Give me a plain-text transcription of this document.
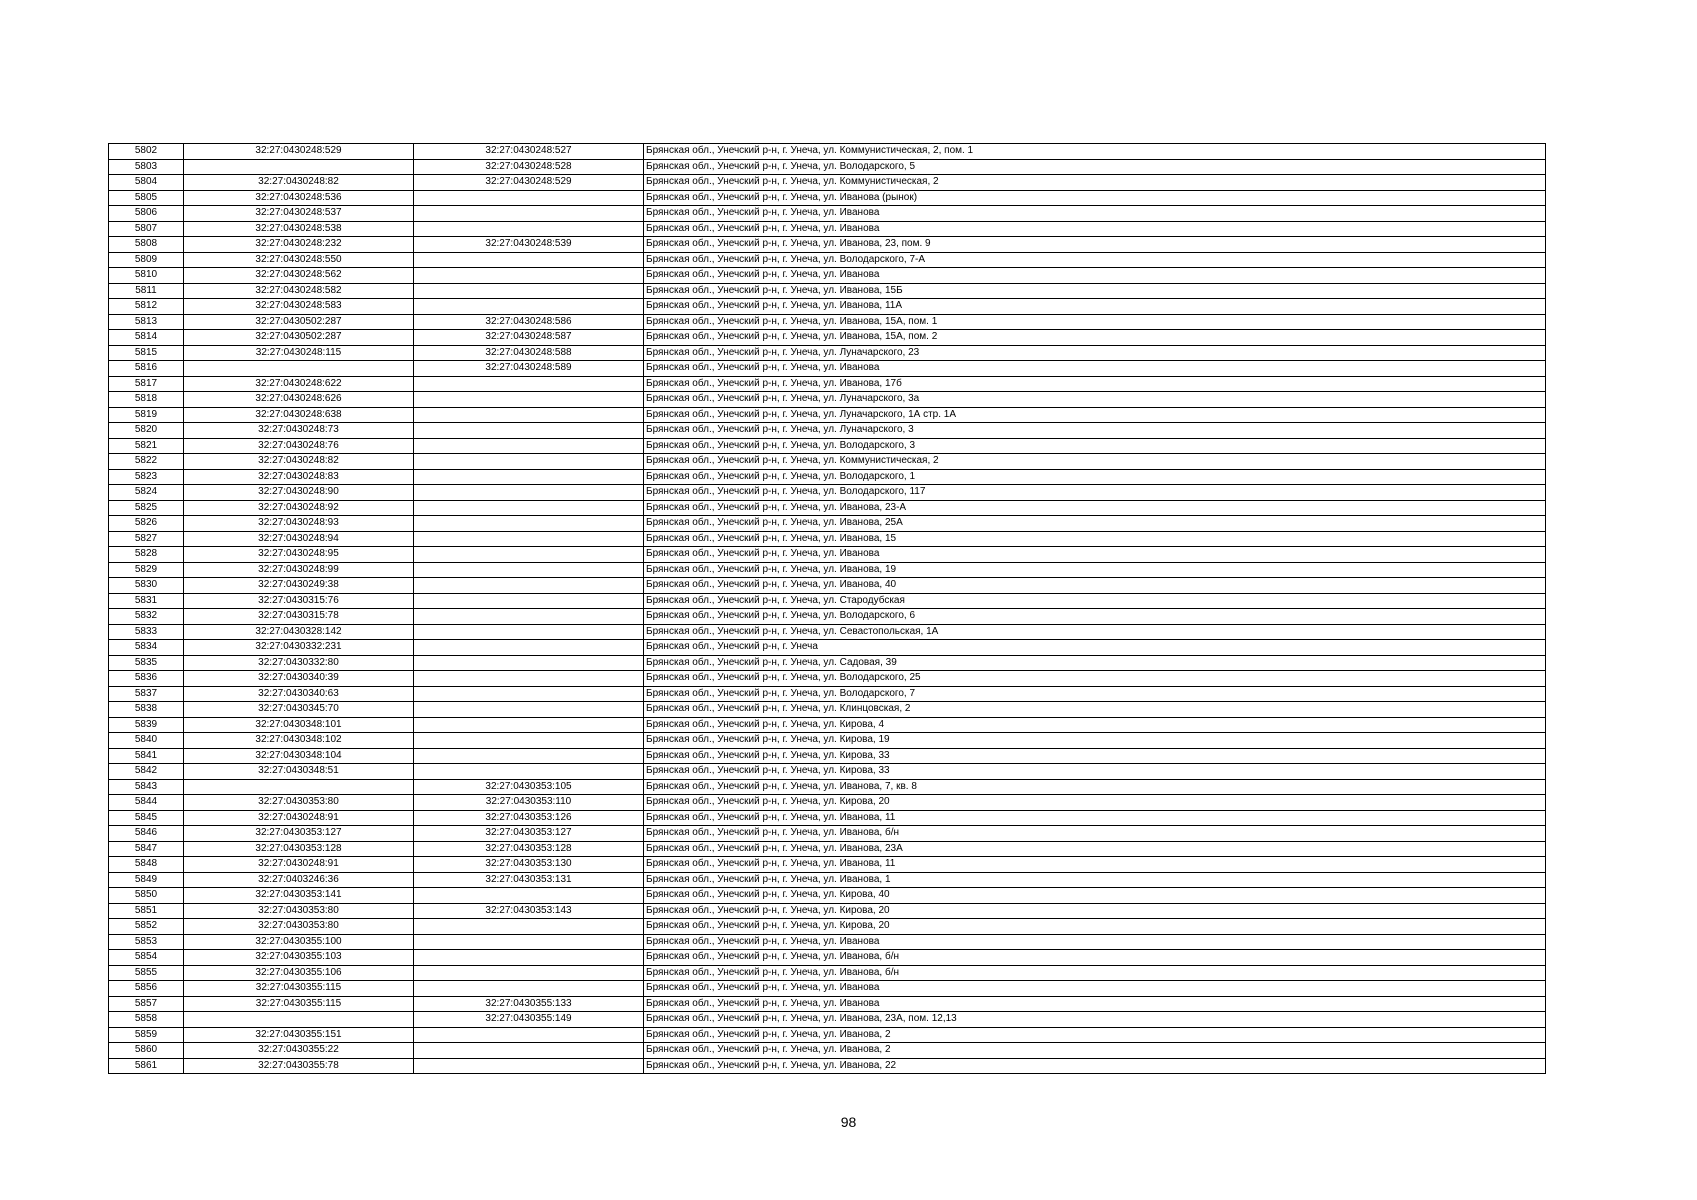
5802	32:27:0430248:529	32:27:0430248:527	Брянская обл., Унечский р-н, г. Унеча, ул. Коммунистическая, 2, пом. 1
5803		32:27:0430248:528	Брянская обл., Унечский р-н, г. Унеча, ул. Володарского, 5
5804	32:27:0430248:82	32:27:0430248:529	Брянская обл., Унечский р-н, г. Унеча, ул. Коммунистическая, 2
5805	32:27:0430248:536		Брянская обл., Унечский р-н, г. Унеча, ул. Иванова (рынок)
5806	32:27:0430248:537		Брянская обл., Унечский р-н, г. Унеча, ул. Иванова
5807	32:27:0430248:538		Брянская обл., Унечский р-н, г. Унеча, ул. Иванова
5808	32:27:0430248:232	32:27:0430248:539	Брянская обл., Унечский р-н, г. Унеча, ул. Иванова, 23, пом. 9
5809	32:27:0430248:550		Брянская обл., Унечский р-н, г. Унеча, ул. Володарского, 7-А
5810	32:27:0430248:562		Брянская обл., Унечский р-н, г. Унеча, ул. Иванова
5811	32:27:0430248:582		Брянская обл., Унечский р-н, г. Унеча, ул. Иванова, 15Б
5812	32:27:0430248:583		Брянская обл., Унечский р-н, г. Унеча, ул. Иванова, 11А
5813	32:27:0430502:287	32:27:0430248:586	Брянская обл., Унечский р-н, г. Унеча, ул. Иванова, 15А, пом. 1
5814	32:27:0430502:287	32:27:0430248:587	Брянская обл., Унечский р-н, г. Унеча, ул. Иванова, 15А, пом. 2
5815	32:27:0430248:115	32:27:0430248:588	Брянская обл., Унечский р-н, г. Унеча, ул. Луначарского, 23
5816		32:27:0430248:589	Брянская обл., Унечский р-н, г. Унеча, ул. Иванова
5817	32:27:0430248:622		Брянская обл., Унечский р-н, г. Унеча, ул. Иванова, 17б
5818	32:27:0430248:626		Брянская обл., Унечский р-н, г. Унеча, ул. Луначарского, 3а
5819	32:27:0430248:638		Брянская обл., Унечский р-н, г. Унеча, ул. Луначарского, 1А стр. 1А
5820	32:27:0430248:73		Брянская обл., Унечский р-н, г. Унеча, ул. Луначарского, 3
5821	32:27:0430248:76		Брянская обл., Унечский р-н, г. Унеча, ул. Володарского, 3
5822	32:27:0430248:82		Брянская обл., Унечский р-н, г. Унеча, ул. Коммунистическая, 2
5823	32:27:0430248:83		Брянская обл., Унечский р-н, г. Унеча, ул. Володарского, 1
5824	32:27:0430248:90		Брянская обл., Унечский р-н, г. Унеча, ул. Володарского, 117
5825	32:27:0430248:92		Брянская обл., Унечский р-н, г. Унеча, ул. Иванова, 23-А
5826	32:27:0430248:93		Брянская обл., Унечский р-н, г. Унеча, ул. Иванова, 25А
5827	32:27:0430248:94		Брянская обл., Унечский р-н, г. Унеча, ул. Иванова, 15
5828	32:27:0430248:95		Брянская обл., Унечский р-н, г. Унеча, ул. Иванова
5829	32:27:0430248:99		Брянская обл., Унечский р-н, г. Унеча, ул. Иванова, 19
5830	32:27:0430249:38		Брянская обл., Унечский р-н, г. Унеча, ул. Иванова, 40
5831	32:27:0430315:76		Брянская обл., Унечский р-н, г. Унеча, ул. Стародубская
5832	32:27:0430315:78		Брянская обл., Унечский р-н, г. Унеча, ул. Володарского, 6
5833	32:27:0430328:142		Брянская обл., Унечский р-н, г. Унеча, ул. Севастопольская, 1А
5834	32:27:0430332:231		Брянская обл., Унечский р-н, г. Унеча
5835	32:27:0430332:80		Брянская обл., Унечский р-н, г. Унеча, ул. Садовая, 39
5836	32:27:0430340:39		Брянская обл., Унечский р-н, г. Унеча, ул. Володарского, 25
5837	32:27:0430340:63		Брянская обл., Унечский р-н, г. Унеча, ул. Володарского, 7
5838	32:27:0430345:70		Брянская обл., Унечский р-н, г. Унеча, ул. Клинцовская, 2
5839	32:27:0430348:101		Брянская обл., Унечский р-н, г. Унеча, ул. Кирова, 4
5840	32:27:0430348:102		Брянская обл., Унечский р-н, г. Унеча, ул. Кирова, 19
5841	32:27:0430348:104		Брянская обл., Унечский р-н, г. Унеча, ул. Кирова, 33
5842	32:27:0430348:51		Брянская обл., Унечский р-н, г. Унеча, ул. Кирова, 33
5843		32:27:0430353:105	Брянская обл., Унечский р-н, г. Унеча, ул. Иванова, 7, кв. 8
5844	32:27:0430353:80	32:27:0430353:110	Брянская обл., Унечский р-н, г. Унеча, ул. Кирова, 20
5845	32:27:0430248:91	32:27:0430353:126	Брянская обл., Унечский р-н, г. Унеча, ул. Иванова, 11
5846	32:27:0430353:127	32:27:0430353:127	Брянская обл., Унечский р-н, г. Унеча, ул. Иванова, б/н
5847	32:27:0430353:128	32:27:0430353:128	Брянская обл., Унечский р-н, г. Унеча, ул. Иванова, 23А
5848	32:27:0430248:91	32:27:0430353:130	Брянская обл., Унечский р-н, г. Унеча, ул. Иванова, 11
5849	32:27:0403246:36	32:27:0430353:131	Брянская обл., Унечский р-н, г. Унеча, ул. Иванова, 1
5850	32:27:0430353:141		Брянская обл., Унечский р-н, г. Унеча, ул. Кирова, 40
5851	32:27:0430353:80	32:27:0430353:143	Брянская обл., Унечский р-н, г. Унеча, ул. Кирова, 20
5852	32:27:0430353:80		Брянская обл., Унечский р-н, г. Унеча, ул. Кирова, 20
5853	32:27:0430355:100		Брянская обл., Унечский р-н, г. Унеча, ул. Иванова
5854	32:27:0430355:103		Брянская обл., Унечский р-н, г. Унеча, ул. Иванова, б/н
5855	32:27:0430355:106		Брянская обл., Унечский р-н, г. Унеча, ул. Иванова, б/н
5856	32:27:0430355:115		Брянская обл., Унечский р-н, г. Унеча, ул. Иванова
5857	32:27:0430355:115	32:27:0430355:133	Брянская обл., Унечский р-н, г. Унеча, ул. Иванова
5858		32:27:0430355:149	Брянская обл., Унечский р-н, г. Унеча, ул. Иванова, 23А, пом. 12,13
5859	32:27:0430355:151		Брянская обл., Унечский р-н, г. Унеча, ул. Иванова, 2
5860	32:27:0430355:22		Брянская обл., Унечский р-н, г. Унеча, ул. Иванова, 2
5861	32:27:0430355:78		Брянская обл., Унечский р-н, г. Унеча, ул. Иванова, 22
98
